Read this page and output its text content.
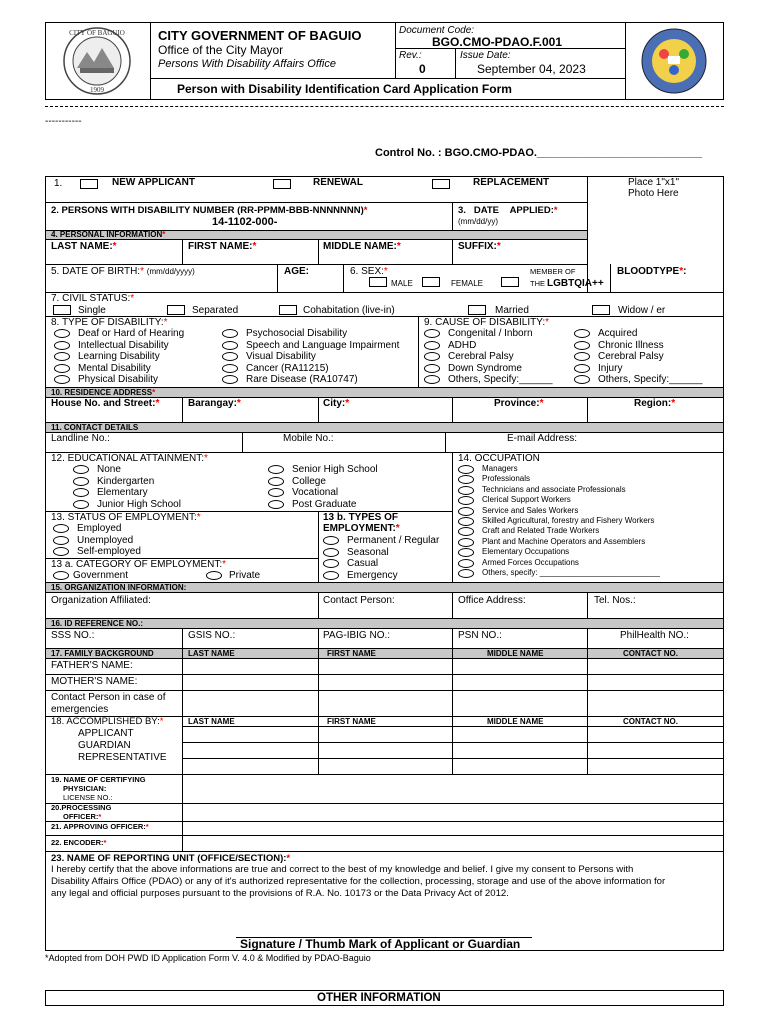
CITY OF BAGUIO
1909
CITY GOVERNMENT OF BAGUIO
Office of the City Mayor
Persons With Disability Affairs Office
Document Code:
BGO.CMO-PDAO.F.001
Rev.:
0
Issue Date:
September 04, 2023
Person with Disability Identification Card Application Form
-----------
Control No. : BGO.CMO-PDAO.___________________________
1.	NEW APPLICANT	RENEWAL	REPLACEMENT	Place 1"x1"
Photo Here
2. PERSONS WITH DISABILITY NUMBER (RR-PPMM-BBB-NNNNNNN)*
14-1102-000-
3.   DATE    APPLIED:*
(mm/dd/yy)
4. PERSONAL INFORMATION*
LAST NAME:*	FIRST NAME:*	MIDDLE NAME:*	SUFFIX:*
5. DATE OF BIRTH:* (mm/dd/yyyy)	AGE:	6. SEX:*
MALE	FEMALE
MEMBER OF
THE LGBTQIA++
BLOODTYPE*:
7. CIVIL STATUS:*
Single	Separated	Cohabitation (live-in)	Married	Widow / er
8. TYPE OF DISABILITY:*	9. CAUSE OF DISABILITY:*
Deaf or Hard of Hearing
Intellectual Disability
Learning Disability
Mental Disability
Physical Disability
Psychosocial Disability
Speech and Language Impairment
Visual Disability
Cancer (RA11215)
Rare Disease (RA10747)
Congenital / Inborn
ADHD
Cerebral Palsy
Down Syndrome
Others, Specify:______
Acquired
Chronic Illness
Cerebral Palsy
Injury
Others, Specify:______
10. RESIDENCE ADDRESS*
House No. and Street:*	Barangay:*	City:*	Province:*	Region:*
11. CONTACT DETAILS
Landline No.:	Mobile No.:	E-mail Address:
12. EDUCATIONAL ATTAINMENT:*
None
Kindergarten
Elementary
Junior High School
Senior High School
College
Vocational
Post Graduate
14. OCCUPATION
Managers
Professionals
Technicians and associate Professionals
Clerical Support Workers
Service and Sales Workers
Skilled Agricultural, forestry and Fishery Workers
Craft and Related Trade Workers
Plant and Machine Operators and Assemblers
Elementary Occupations
Armed Forces Occupations
Others, specify: ___________________________
13. STATUS OF EMPLOYMENT:*
Employed
Unemployed
Self-employed
13 b. TYPES OF
EMPLOYMENT:*
Permanent / Regular
Seasonal
Casual
Emergency
13 a. CATEGORY OF EMPLOYMENT:*
Government	Private
15. ORGANIZATION INFORMATION:
Organization Affiliated:	Contact Person:	Office Address:	Tel. Nos.:
16. ID REFERENCE NO.:
SSS NO.:	GSIS NO.:	PAG-IBIG NO.:	PSN NO.:	PhilHealth NO.:
17. FAMILY BACKGROUND	LAST NAME	FIRST NAME	MIDDLE NAME	CONTACT NO.
FATHER'S NAME:
MOTHER'S NAME:
Contact Person in case of
emergencies
18. ACCOMPLISHED BY:*	LAST NAME	FIRST NAME	MIDDLE NAME	CONTACT NO.
APPLICANT
GUARDIAN
REPRESENTATIVE
19. NAME OF CERTIFYING
PHYSICIAN:
LICENSE NO.:
20.PROCESSING
OFFICER:*
21. APPROVING OFFICER:*
22. ENCODER:*
23. NAME OF REPORTING UNIT (OFFICE/SECTION):*
I hereby certify that the above informations are true and correct to the best of my knowledge and belief. I give my consent to Persons with
Disability Affairs Office (PDAO) or any of it's authorized representative for the collection, processing, storage and use of the above information for
any legal and official purposes pursuant to the provisions of R.A. No. 10173 or the Data Privacy Act of 2012.
Signature / Thumb Mark of Applicant or Guardian
*Adopted from DOH PWD ID Application Form V. 4.0 & Modified by PDAO-Baguio
OTHER INFORMATION
